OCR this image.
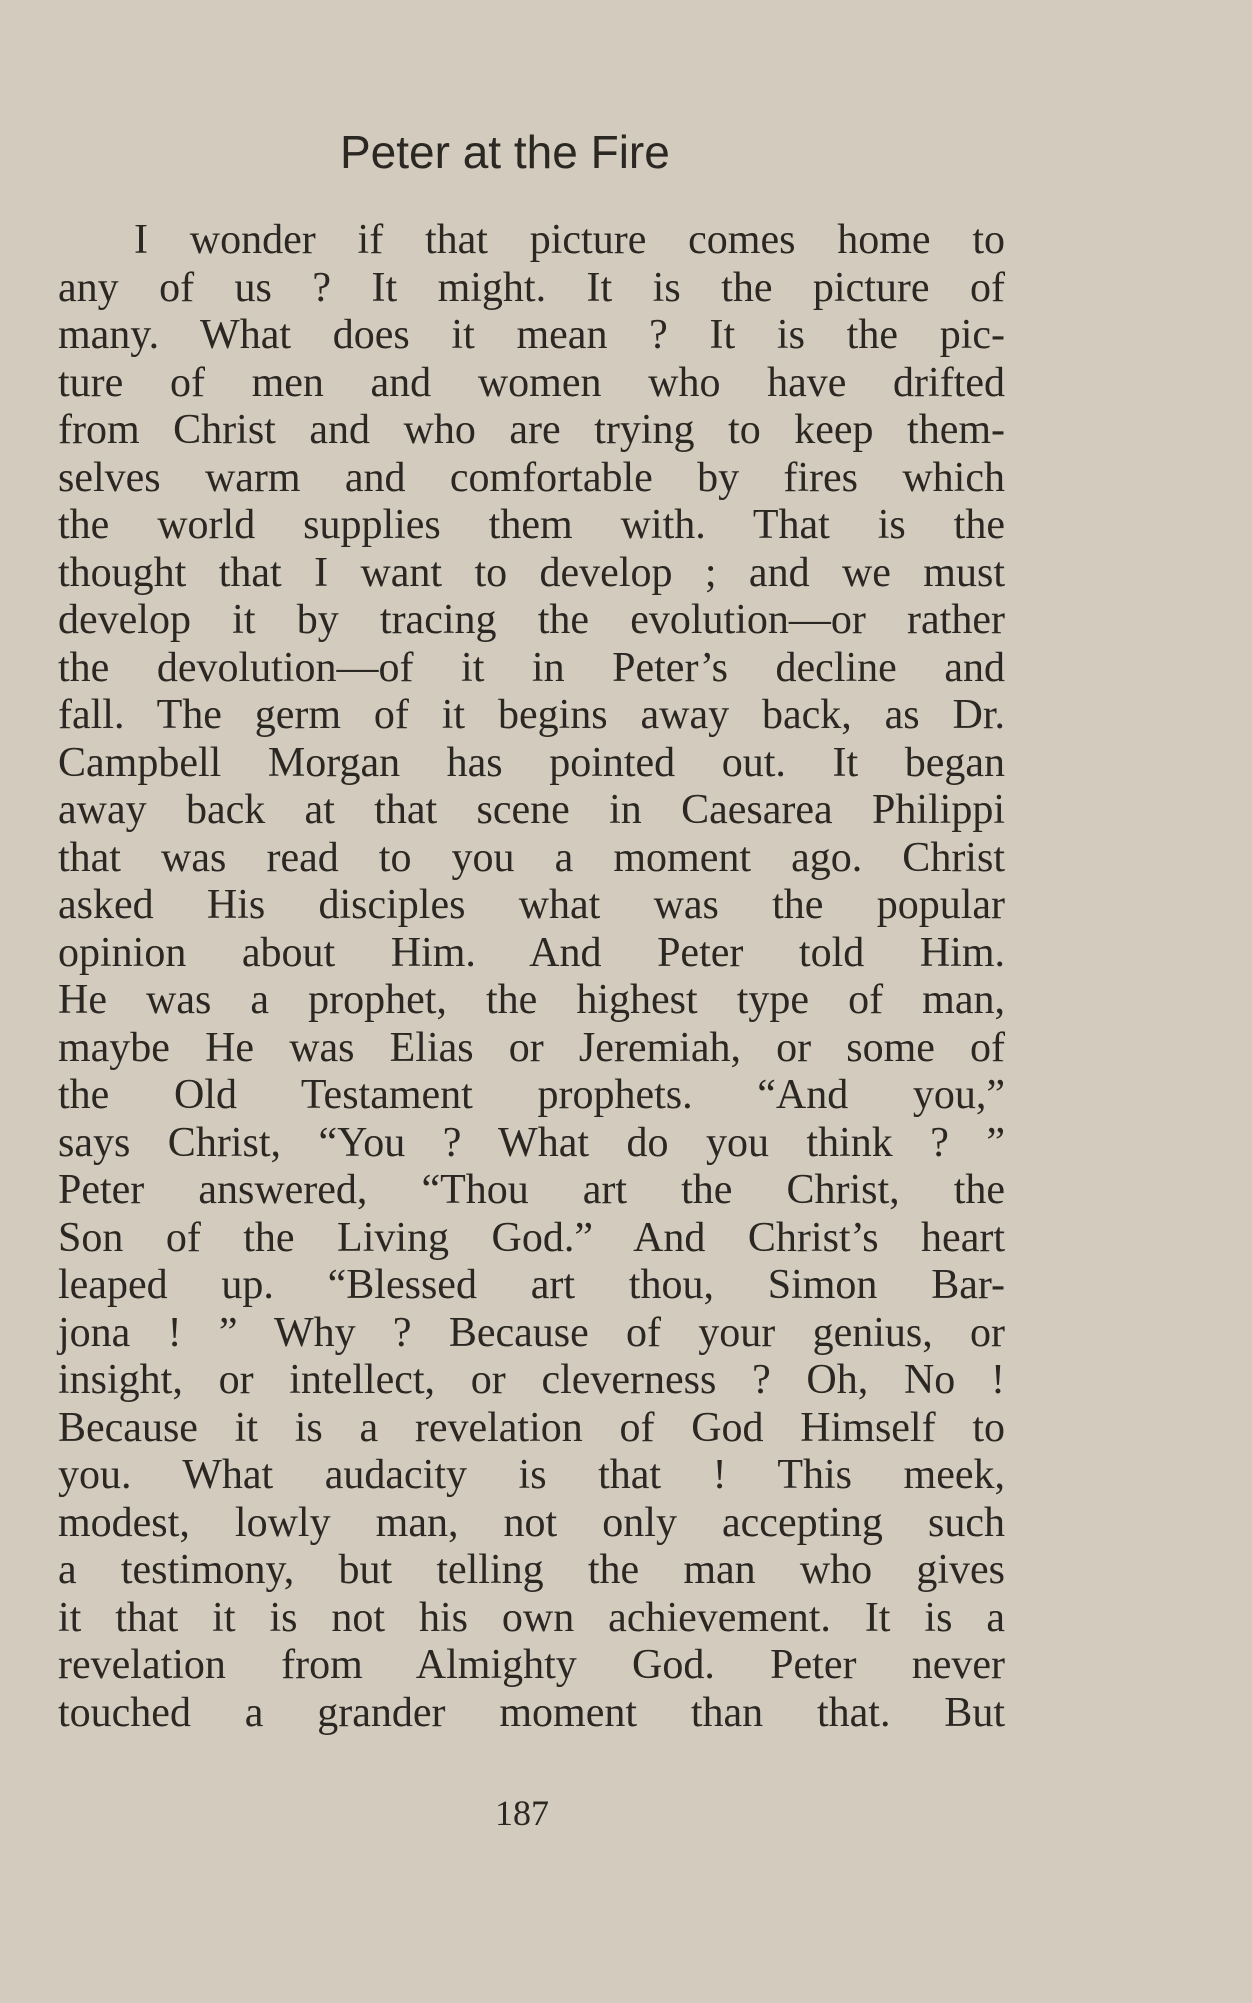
Peter at the Fire
I wonder if that picture comes home to
any of us ? It might. It is the picture of
many. What does it mean ? It is the pic-
ture of men and women who have drifted
from Christ and who are trying to keep them-
selves warm and comfortable by fires which
the world supplies them with. That is the
thought that I want to develop ; and we must
develop it by tracing the evolution—or rather
the devolution—of it in Peter’s decline and
fall. The germ of it begins away back, as Dr.
Campbell Morgan has pointed out. It began
away back at that scene in Caesarea Philippi
that was read to you a moment ago. Christ
asked His disciples what was the popular
opinion about Him. And Peter told Him.
He was a prophet, the highest type of man,
maybe He was Elias or Jeremiah, or some of
the Old Testament prophets. “And you,”
says Christ, “You ? What do you think ? ”
Peter answered, “Thou art the Christ, the
Son of the Living God.” And Christ’s heart
leaped up. “Blessed art thou, Simon Bar-
jona ! ” Why ? Because of your genius, or
insight, or intellect, or cleverness ? Oh, No !
Because it is a revelation of God Himself to
you. What audacity is that ! This meek,
modest, lowly man, not only accepting such
a testimony, but telling the man who gives
it that it is not his own achievement. It is a
revelation from Almighty God. Peter never
touched a grander moment than that. But

187
